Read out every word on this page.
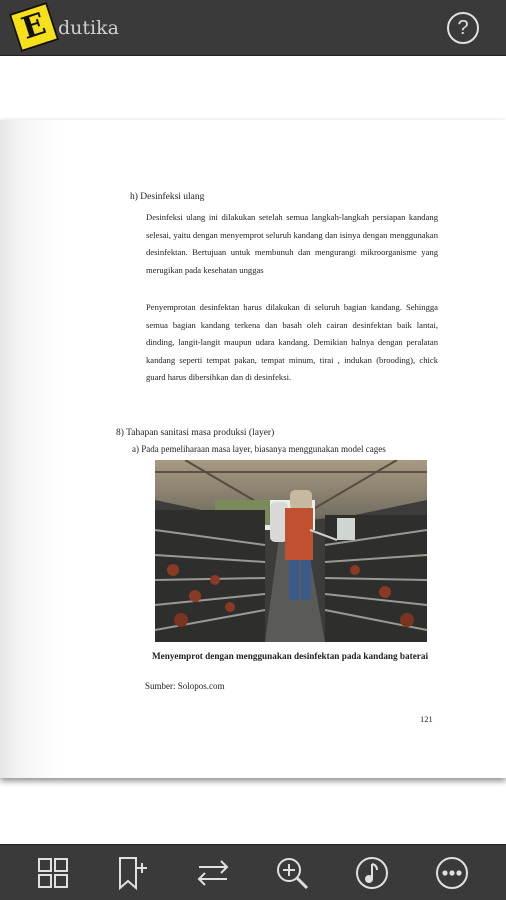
E dutika	?
h) Desinfeksi ulang
Desinfeksi ulang ini dilakukan setelah semua langkah-langkah persiapan kandang selesai, yaitu dengan menyemprot seluruh kandang dan isinya dengan menggunakan desinfektan. Bertujuan untuk membunuh dan mengurangi mikroorganisme yang merugikan pada kesehatan unggas
Penyemprotan desinfektan harus dilakukan di seluruh bagian kandang. Sehingga semua bagian kandang terkena dan basah oleh cairan desinfektan baik lantai, dinding, langit-langit maupun udara kandang. Demikian halnya dengan peralatan kandang seperti tempat pakan, tempat minum, tirai , indukan (brooding), chick guard harus dibersihkan dan di desinfeksi.
8) Tahapan sanitasi masa produksi (layer)
a) Pada pemeliharaan masa layer, biasanya menggunakan model cages
Menyemprot dengan menggunakan desinfektan pada kandang baterai
Sumber: Solopos.com
121
